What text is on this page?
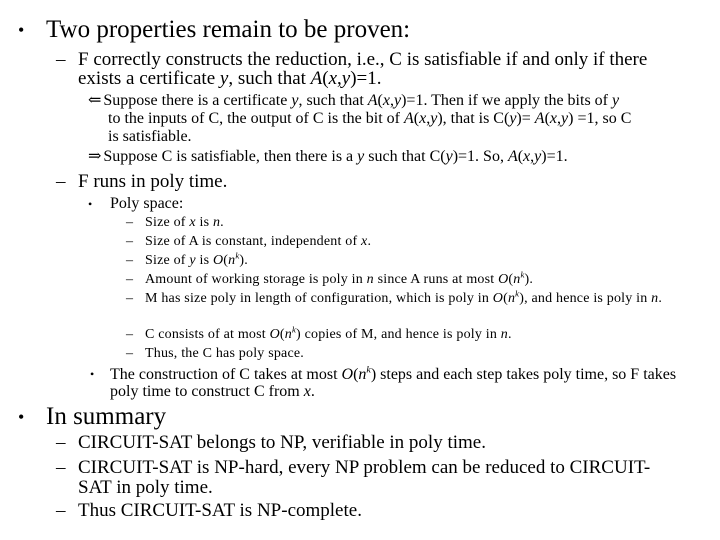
• Two properties remain to be proven:
– F correctly constructs the reduction, i.e., C is satisfiable if and only if there
exists a certificate y, such that A(x,y)=1.
⇐ Suppose there is a certificate y, such that A(x,y)=1. Then if we apply the bits of y
to the inputs of C, the output of C is the bit of A(x,y), that is C(y)= A(x,y) =1, so C
is satisfiable.
⇒ Suppose C is satisfiable, then there is a y such that C(y)=1. So, A(x,y)=1.
– F runs in poly time.
•	Poly space:
– Size of x is n.
– Size of A is constant, independent of x.
– Size of y is $O(n^k)$.
– Amount of working storage is poly in n since A runs at most $O(n^k)$.
– M has size poly in length of configuration, which is poly in $O(n^k)$, and hence is poly in n.
– C consists of at most $O(n^k)$ copies of M, and hence is poly in n.
– Thus, the C has poly space.
• The construction of C takes at most $O(n^k)$ steps and each step takes poly time, so F takes poly time to construct C from x.
• In summary
– CIRCUIT-SAT belongs to NP, verifiable in poly time.
– CIRCUIT-SAT is NP-hard, every NP problem can be reduced to CIRCUIT-
SAT in poly time.
– Thus CIRCUIT-SAT is NP-complete.
